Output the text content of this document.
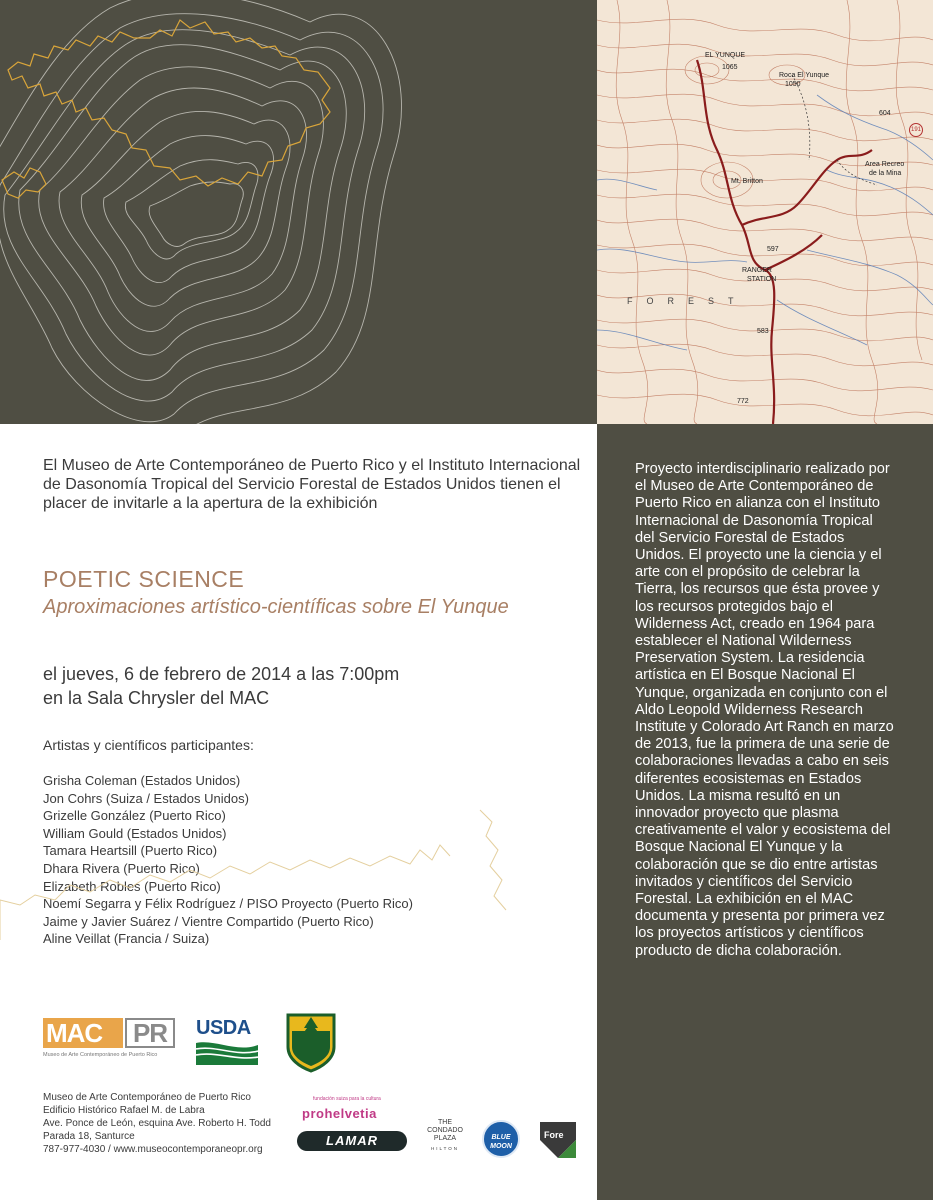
EL YUNQUE
1065
Roca El Yunque
1050
604
191
Area Recreo
de la Mina
Mt. Britton
597
RANGER
STATION
FOREST
583
772

Proyecto interdisciplinario realizado por el Museo de Arte Contemporáneo de Puerto Rico en alianza con el Instituto Internacional de Dasonomía Tropical del Servicio Forestal de Estados Unidos. El proyecto une la ciencia y el arte con el propósito de celebrar la Tierra, los recursos que ésta provee y los recursos protegidos bajo el Wilderness Act, creado en 1964 para establecer el National Wilderness Preservation System. La residencia artística en El Bosque Nacional El Yunque, organizada en conjunto con el Aldo Leopold Wilderness Research Institute y Colorado Art Ranch en marzo de 2013, fue la primera de una serie de colaboraciones llevadas a cabo en seis diferentes ecosistemas en Estados Unidos. La misma resultó en un innovador proyecto que plasma creativamente el valor y ecosistema del Bosque Nacional El Yunque y la colaboración que se dio entre artistas invitados y científicos del Servicio Forestal. La exhibición en el MAC documenta y presenta por primera vez los proyectos artísticos y científicos producto de dicha colaboración.

El Museo de Arte Contemporáneo de Puerto Rico y el Instituto Internacional de Dasonomía Tropical del Servicio Forestal de Estados Unidos tienen el placer de invitarle a la apertura de la exhibición

POETIC SCIENCE
Aproximaciones artístico-científicas sobre El Yunque
el jueves, 6 de febrero de 2014 a las 7:00pm
en la Sala Chrysler del MAC
Artistas y científicos participantes:
Grisha Coleman (Estados Unidos)
Jon Cohrs (Suiza / Estados Unidos)
Grizelle González (Puerto Rico)
William Gould (Estados Unidos)
Tamara Heartsill (Puerto Rico)
Dhara Rivera (Puerto Rico)
Elizabeth Robles (Puerto Rico)
Noemí Segarra y Félix Rodríguez / PISO Proyecto (Puerto Rico)
Jaime y Javier Suárez / Vientre Compartido (Puerto Rico)
Aline Veillat (Francia / Suiza)
MAC	PR
Museo de Arte Contemporáneo de Puerto Rico
USDA
Museo de Arte Contemporáneo de Puerto Rico
Edificio Histórico Rafael M. de Labra
Ave. Ponce de León, esquina Ave. Roberto H. Todd
Parada 18, Santurce
787-977-4030 / www.museocontemporaneopr.org
fundación suiza para la cultura
prohelvetia
LAMAR
THE
CONDADO
PLAZA
HILTON
BLUE
MOON
Fore
